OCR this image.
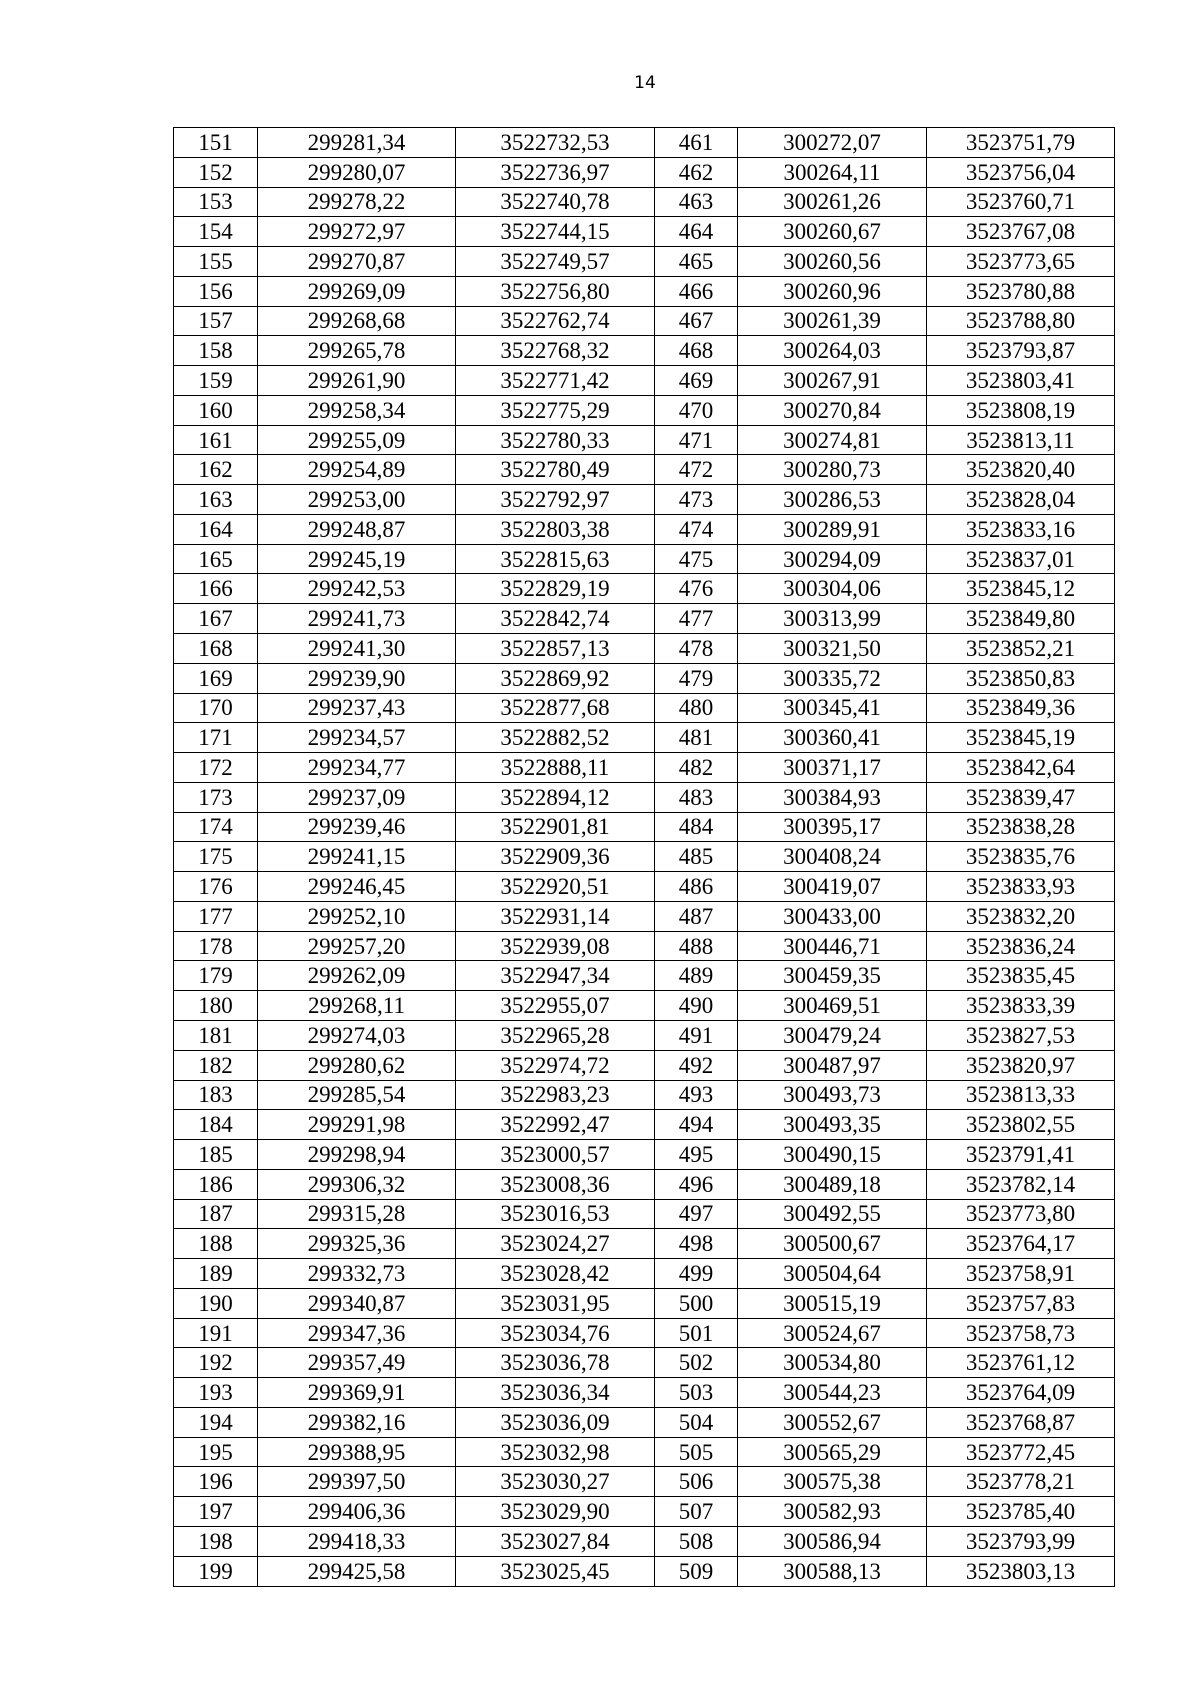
14
151	299281,34	3522732,53	461	300272,07	3523751,79
152	299280,07	3522736,97	462	300264,11	3523756,04
153	299278,22	3522740,78	463	300261,26	3523760,71
154	299272,97	3522744,15	464	300260,67	3523767,08
155	299270,87	3522749,57	465	300260,56	3523773,65
156	299269,09	3522756,80	466	300260,96	3523780,88
157	299268,68	3522762,74	467	300261,39	3523788,80
158	299265,78	3522768,32	468	300264,03	3523793,87
159	299261,90	3522771,42	469	300267,91	3523803,41
160	299258,34	3522775,29	470	300270,84	3523808,19
161	299255,09	3522780,33	471	300274,81	3523813,11
162	299254,89	3522780,49	472	300280,73	3523820,40
163	299253,00	3522792,97	473	300286,53	3523828,04
164	299248,87	3522803,38	474	300289,91	3523833,16
165	299245,19	3522815,63	475	300294,09	3523837,01
166	299242,53	3522829,19	476	300304,06	3523845,12
167	299241,73	3522842,74	477	300313,99	3523849,80
168	299241,30	3522857,13	478	300321,50	3523852,21
169	299239,90	3522869,92	479	300335,72	3523850,83
170	299237,43	3522877,68	480	300345,41	3523849,36
171	299234,57	3522882,52	481	300360,41	3523845,19
172	299234,77	3522888,11	482	300371,17	3523842,64
173	299237,09	3522894,12	483	300384,93	3523839,47
174	299239,46	3522901,81	484	300395,17	3523838,28
175	299241,15	3522909,36	485	300408,24	3523835,76
176	299246,45	3522920,51	486	300419,07	3523833,93
177	299252,10	3522931,14	487	300433,00	3523832,20
178	299257,20	3522939,08	488	300446,71	3523836,24
179	299262,09	3522947,34	489	300459,35	3523835,45
180	299268,11	3522955,07	490	300469,51	3523833,39
181	299274,03	3522965,28	491	300479,24	3523827,53
182	299280,62	3522974,72	492	300487,97	3523820,97
183	299285,54	3522983,23	493	300493,73	3523813,33
184	299291,98	3522992,47	494	300493,35	3523802,55
185	299298,94	3523000,57	495	300490,15	3523791,41
186	299306,32	3523008,36	496	300489,18	3523782,14
187	299315,28	3523016,53	497	300492,55	3523773,80
188	299325,36	3523024,27	498	300500,67	3523764,17
189	299332,73	3523028,42	499	300504,64	3523758,91
190	299340,87	3523031,95	500	300515,19	3523757,83
191	299347,36	3523034,76	501	300524,67	3523758,73
192	299357,49	3523036,78	502	300534,80	3523761,12
193	299369,91	3523036,34	503	300544,23	3523764,09
194	299382,16	3523036,09	504	300552,67	3523768,87
195	299388,95	3523032,98	505	300565,29	3523772,45
196	299397,50	3523030,27	506	300575,38	3523778,21
197	299406,36	3523029,90	507	300582,93	3523785,40
198	299418,33	3523027,84	508	300586,94	3523793,99
199	299425,58	3523025,45	509	300588,13	3523803,13
